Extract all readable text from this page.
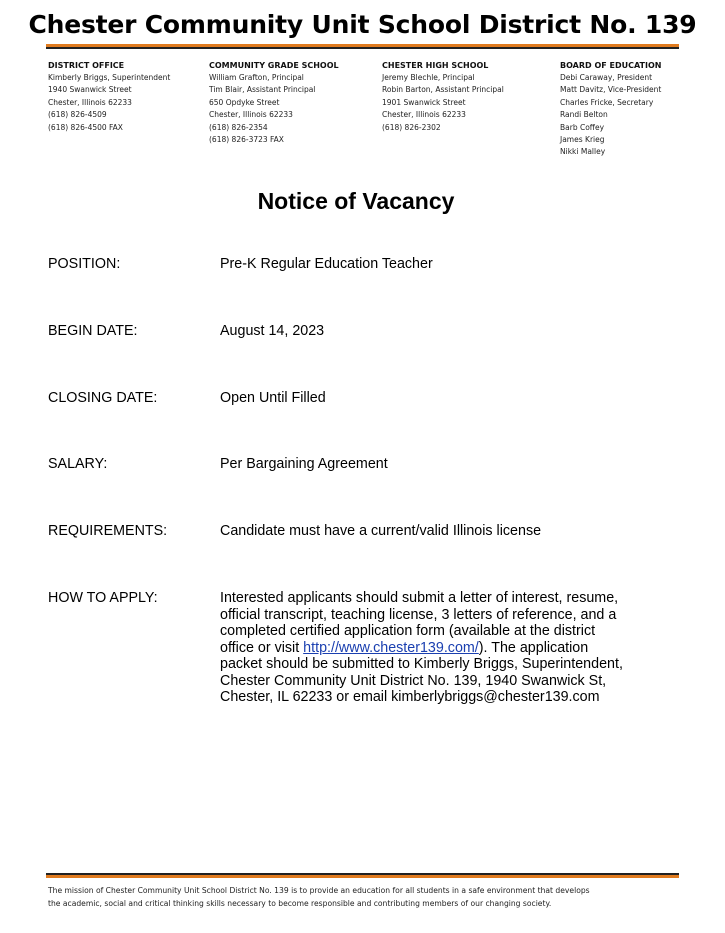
Chester Community Unit School District No. 139
DISTRICT OFFICE
Kimberly Briggs, Superintendent
1940 Swanwick Street
Chester, Illinois 62233
(618) 826-4509
(618) 826-4500 FAX
COMMUNITY GRADE SCHOOL
William Grafton, Principal
Tim Blair, Assistant Principal
650 Opdyke Street
Chester, Illinois 62233
(618) 826-2354
(618) 826-3723 FAX
CHESTER HIGH SCHOOL
Jeremy Blechle, Principal
Robin Barton, Assistant Principal
1901 Swanwick Street
Chester, Illinois 62233
(618) 826-2302
BOARD OF EDUCATION
Debi Caraway, President
Matt Davitz, Vice-President
Charles Fricke, Secretary
Randi Belton
Barb Coffey
James Krieg
Nikki Malley
Notice of Vacancy
POSITION:	Pre-K Regular Education Teacher
BEGIN DATE:	August 14, 2023
CLOSING DATE:	Open Until Filled
SALARY:	Per Bargaining Agreement
REQUIREMENTS:	Candidate must have a current/valid Illinois license
HOW TO APPLY:	Interested applicants should submit a letter of interest, resume,
official transcript, teaching license, 3 letters of reference, and a
completed certified application form (available at the district
office or visit http://www.chester139.com/). The application
packet should be submitted to Kimberly Briggs, Superintendent,
Chester Community Unit District No. 139, 1940 Swanwick St,
Chester, IL 62233 or email kimberlybriggs@chester139.com
The mission of Chester Community Unit School District No. 139 is to provide an education for all students in a safe environment that develops
the academic, social and critical thinking skills necessary to become responsible and contributing members of our changing society.
